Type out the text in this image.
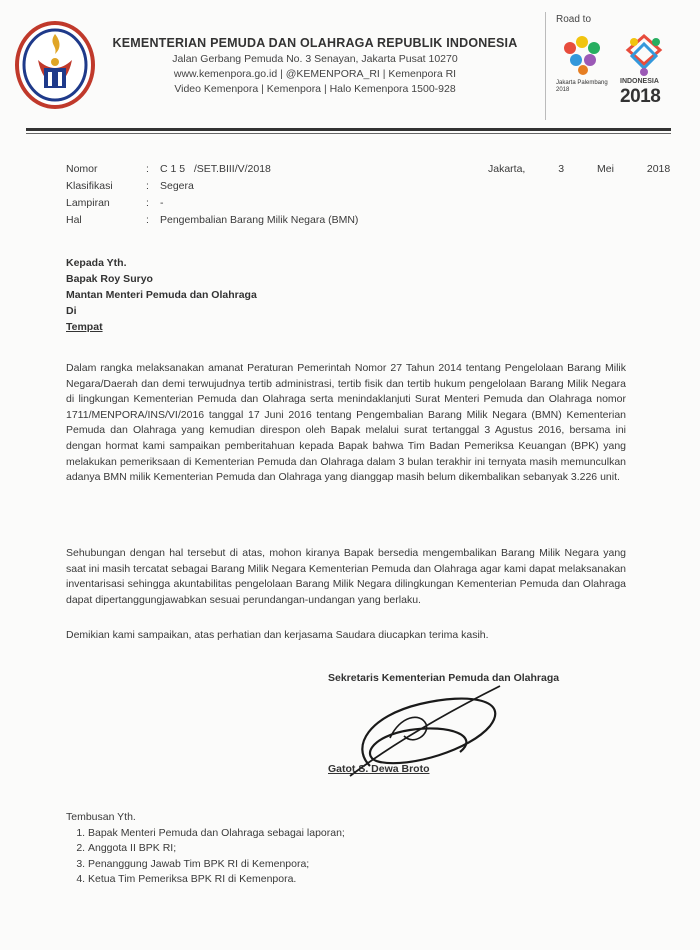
KEMENTERIAN PEMUDA DAN OLAHRAGA REPUBLIK INDONESIA
Jalan Gerbang Pemuda No. 3 Senayan, Jakarta Pusat 10270
www.kemenpora.go.id | @KEMENPORA_RI | Kemenpora RI
Video Kemenpora | Kemenpora | Halo Kemenpora 1500-928
Road to
Jakarta Palembang 2018
INDONESIA
2018
Nomor	: C 1 5   /SET.BIII/V/2018
Klasifikasi	: Segera
Lampiran	: -
Hal	: Pengembalian Barang Milik Negara (BMN)
Jakarta, 3 Mei 2018
Kepada Yth.
Bapak Roy Suryo
Mantan Menteri Pemuda dan Olahraga
Di
Tempat
Dalam rangka melaksanakan amanat Peraturan Pemerintah Nomor 27 Tahun 2014 tentang Pengelolaan Barang Milik Negara/Daerah dan demi terwujudnya tertib administrasi, tertib fisik dan tertib hukum pengelolaan Barang Milik Negara di lingkungan Kementerian Pemuda dan Olahraga serta menindaklanjuti Surat Menteri Pemuda dan Olahraga nomor 1711/MENPORA/INS/VI/2016 tanggal 17 Juni 2016 tentang Pengembalian Barang Milik Negara (BMN) Kementerian Pemuda dan Olahraga yang kemudian direspon oleh Bapak melalui surat tertanggal 3 Agustus 2016, bersama ini dengan hormat kami sampaikan pemberitahuan kepada Bapak bahwa Tim Badan Pemeriksa Keuangan (BPK) yang melakukan pemeriksaan di Kementerian Pemuda dan Olahraga dalam 3 bulan terakhir ini ternyata masih memunculkan adanya BMN milik Kementerian Pemuda dan Olahraga yang dianggap masih belum dikembalikan sebanyak 3.226 unit.
Sehubungan dengan hal tersebut di atas, mohon kiranya Bapak bersedia mengembalikan Barang Milik Negara yang saat ini masih tercatat sebagai Barang Milik Negara Kementerian Pemuda dan Olahraga agar kami dapat melaksanakan inventarisasi sehingga akuntabilitas pengelolaan Barang Milik Negara dilingkungan Kementerian Pemuda dan Olahraga dapat dipertanggungjawabkan sesuai perundangan-undangan yang berlaku.
Demikian kami sampaikan, atas perhatian dan kerjasama Saudara diucapkan terima kasih.
Sekretaris Kementerian Pemuda dan Olahraga
Gatot S. Dewa Broto
Tembusan Yth.
1. Bapak Menteri Pemuda dan Olahraga sebagai laporan;
2. Anggota II BPK RI;
3. Penanggung Jawab Tim BPK RI di Kemenpora;
4. Ketua Tim Pemeriksa BPK RI di Kemenpora.
